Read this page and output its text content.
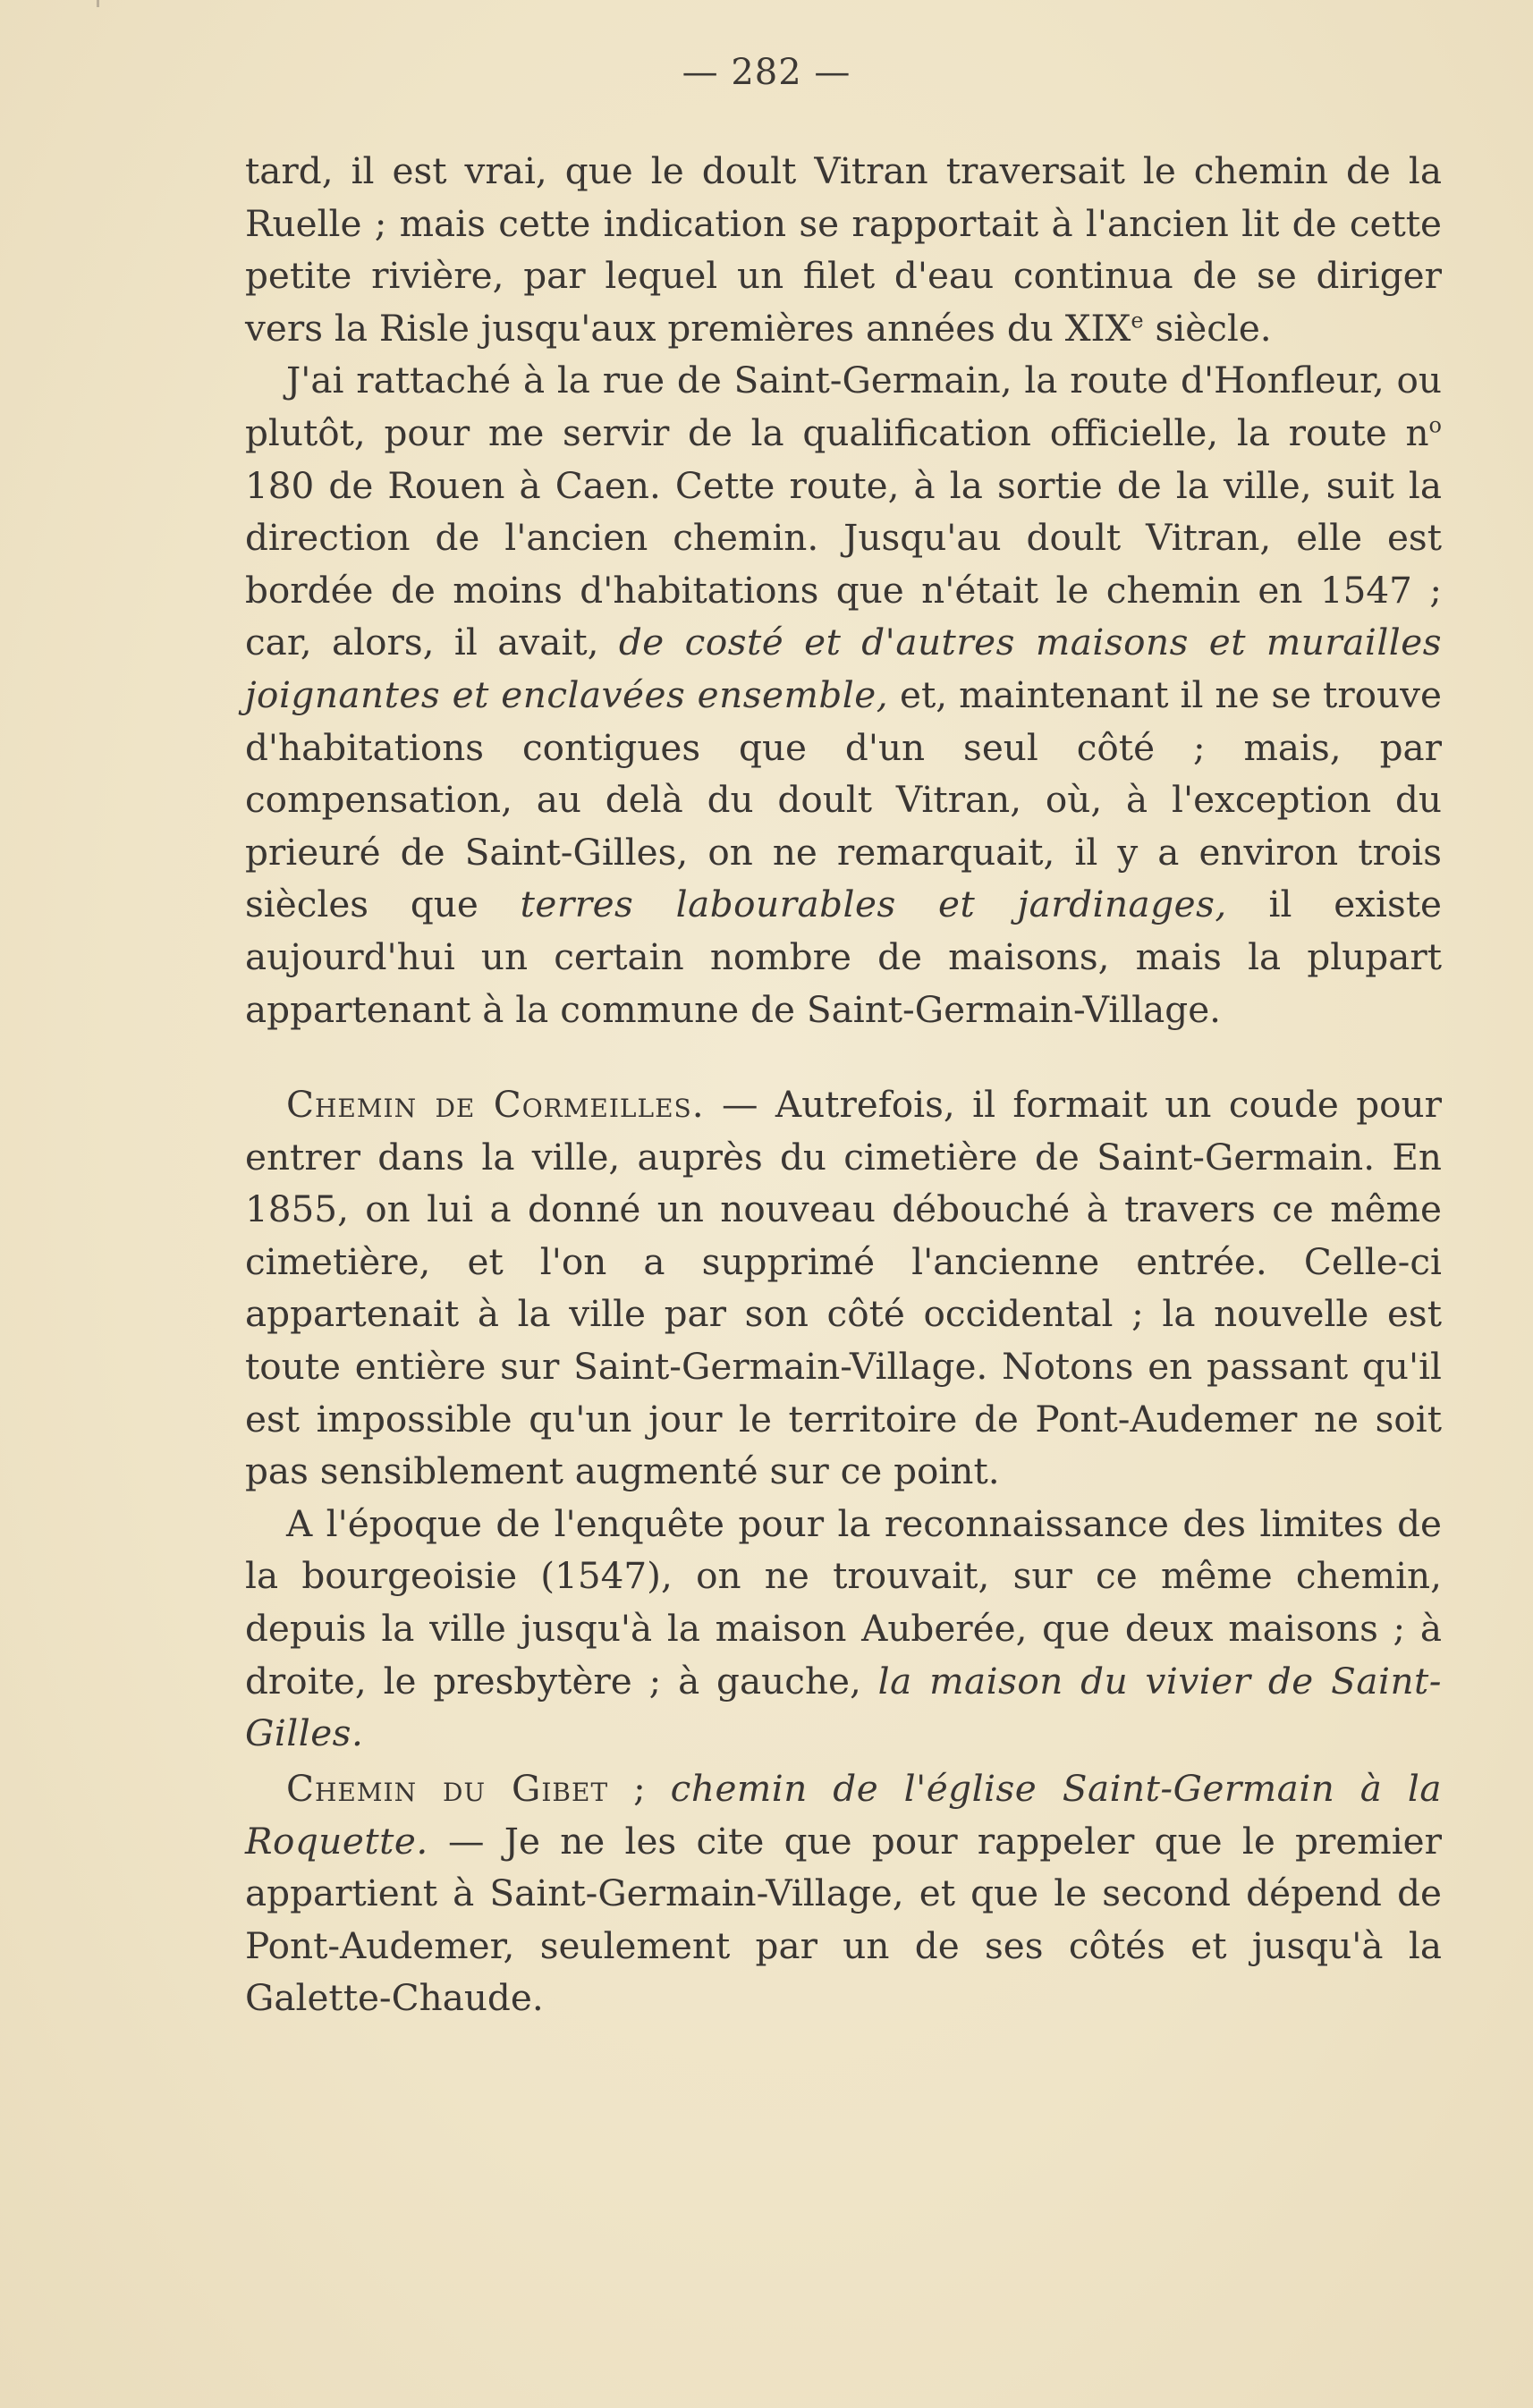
— 282 —

tard, il est vrai, que le doult Vitran traversait le chemin de la Ruelle ; mais cette indication se rapportait à l'ancien lit de cette petite rivière, par lequel un filet d'eau continua de se diriger vers la Risle jusqu'aux premières années du XIXe siècle.

J'ai rattaché à la rue de Saint-Germain, la route d'Honfleur, ou plutôt, pour me servir de la qualification officielle, la route $n^o$ 180 de Rouen à Caen. Cette route, à la sortie de la ville, suit la direction de l'ancien chemin. Jusqu'au doult Vitran, elle est bordée de moins d'habitations que n'était le chemin en 1547 ; car, alors, il avait, de costé et d'autres maisons et murailles joignantes et enclavées ensemble, et, maintenant il ne se trouve d'habitations contigues que d'un seul côté ; mais, par compensation, au delà du doult Vitran, où, à l'exception du prieuré de Saint-Gilles, on ne remarquait, il y a environ trois siècles que terres labourables et jardinages, il existe aujourd'hui un certain nombre de maisons, mais la plupart appartenant à la commune de Saint-Germain-Village.

Chemin de Cormeilles. — Autrefois, il formait un coude pour entrer dans la ville, auprès du cimetière de Saint-Germain. En 1855, on lui a donné un nouveau débouché à travers ce même cimetière, et l'on a supprimé l'ancienne entrée. Celle-ci appartenait à la ville par son côté occidental ; la nouvelle est toute entière sur Saint-Germain-Village. Notons en passant qu'il est impossible qu'un jour le territoire de Pont-Audemer ne soit pas sensiblement augmenté sur ce point.

A l'époque de l'enquête pour la reconnaissance des limites de la bourgeoisie (1547), on ne trouvait, sur ce même chemin, depuis la ville jusqu'à la maison Auberée, que deux maisons ; à droite, le presbytère ; à gauche, la maison du vivier de Saint-Gilles.

Chemin du Gibet ; chemin de l'église Saint-Germain à la Roquette. — Je ne les cite que pour rappeler que le premier appartient à Saint-Germain-Village, et que le second dépend de Pont-Audemer, seulement par un de ses côtés et jusqu'à la Galette-Chaude.
